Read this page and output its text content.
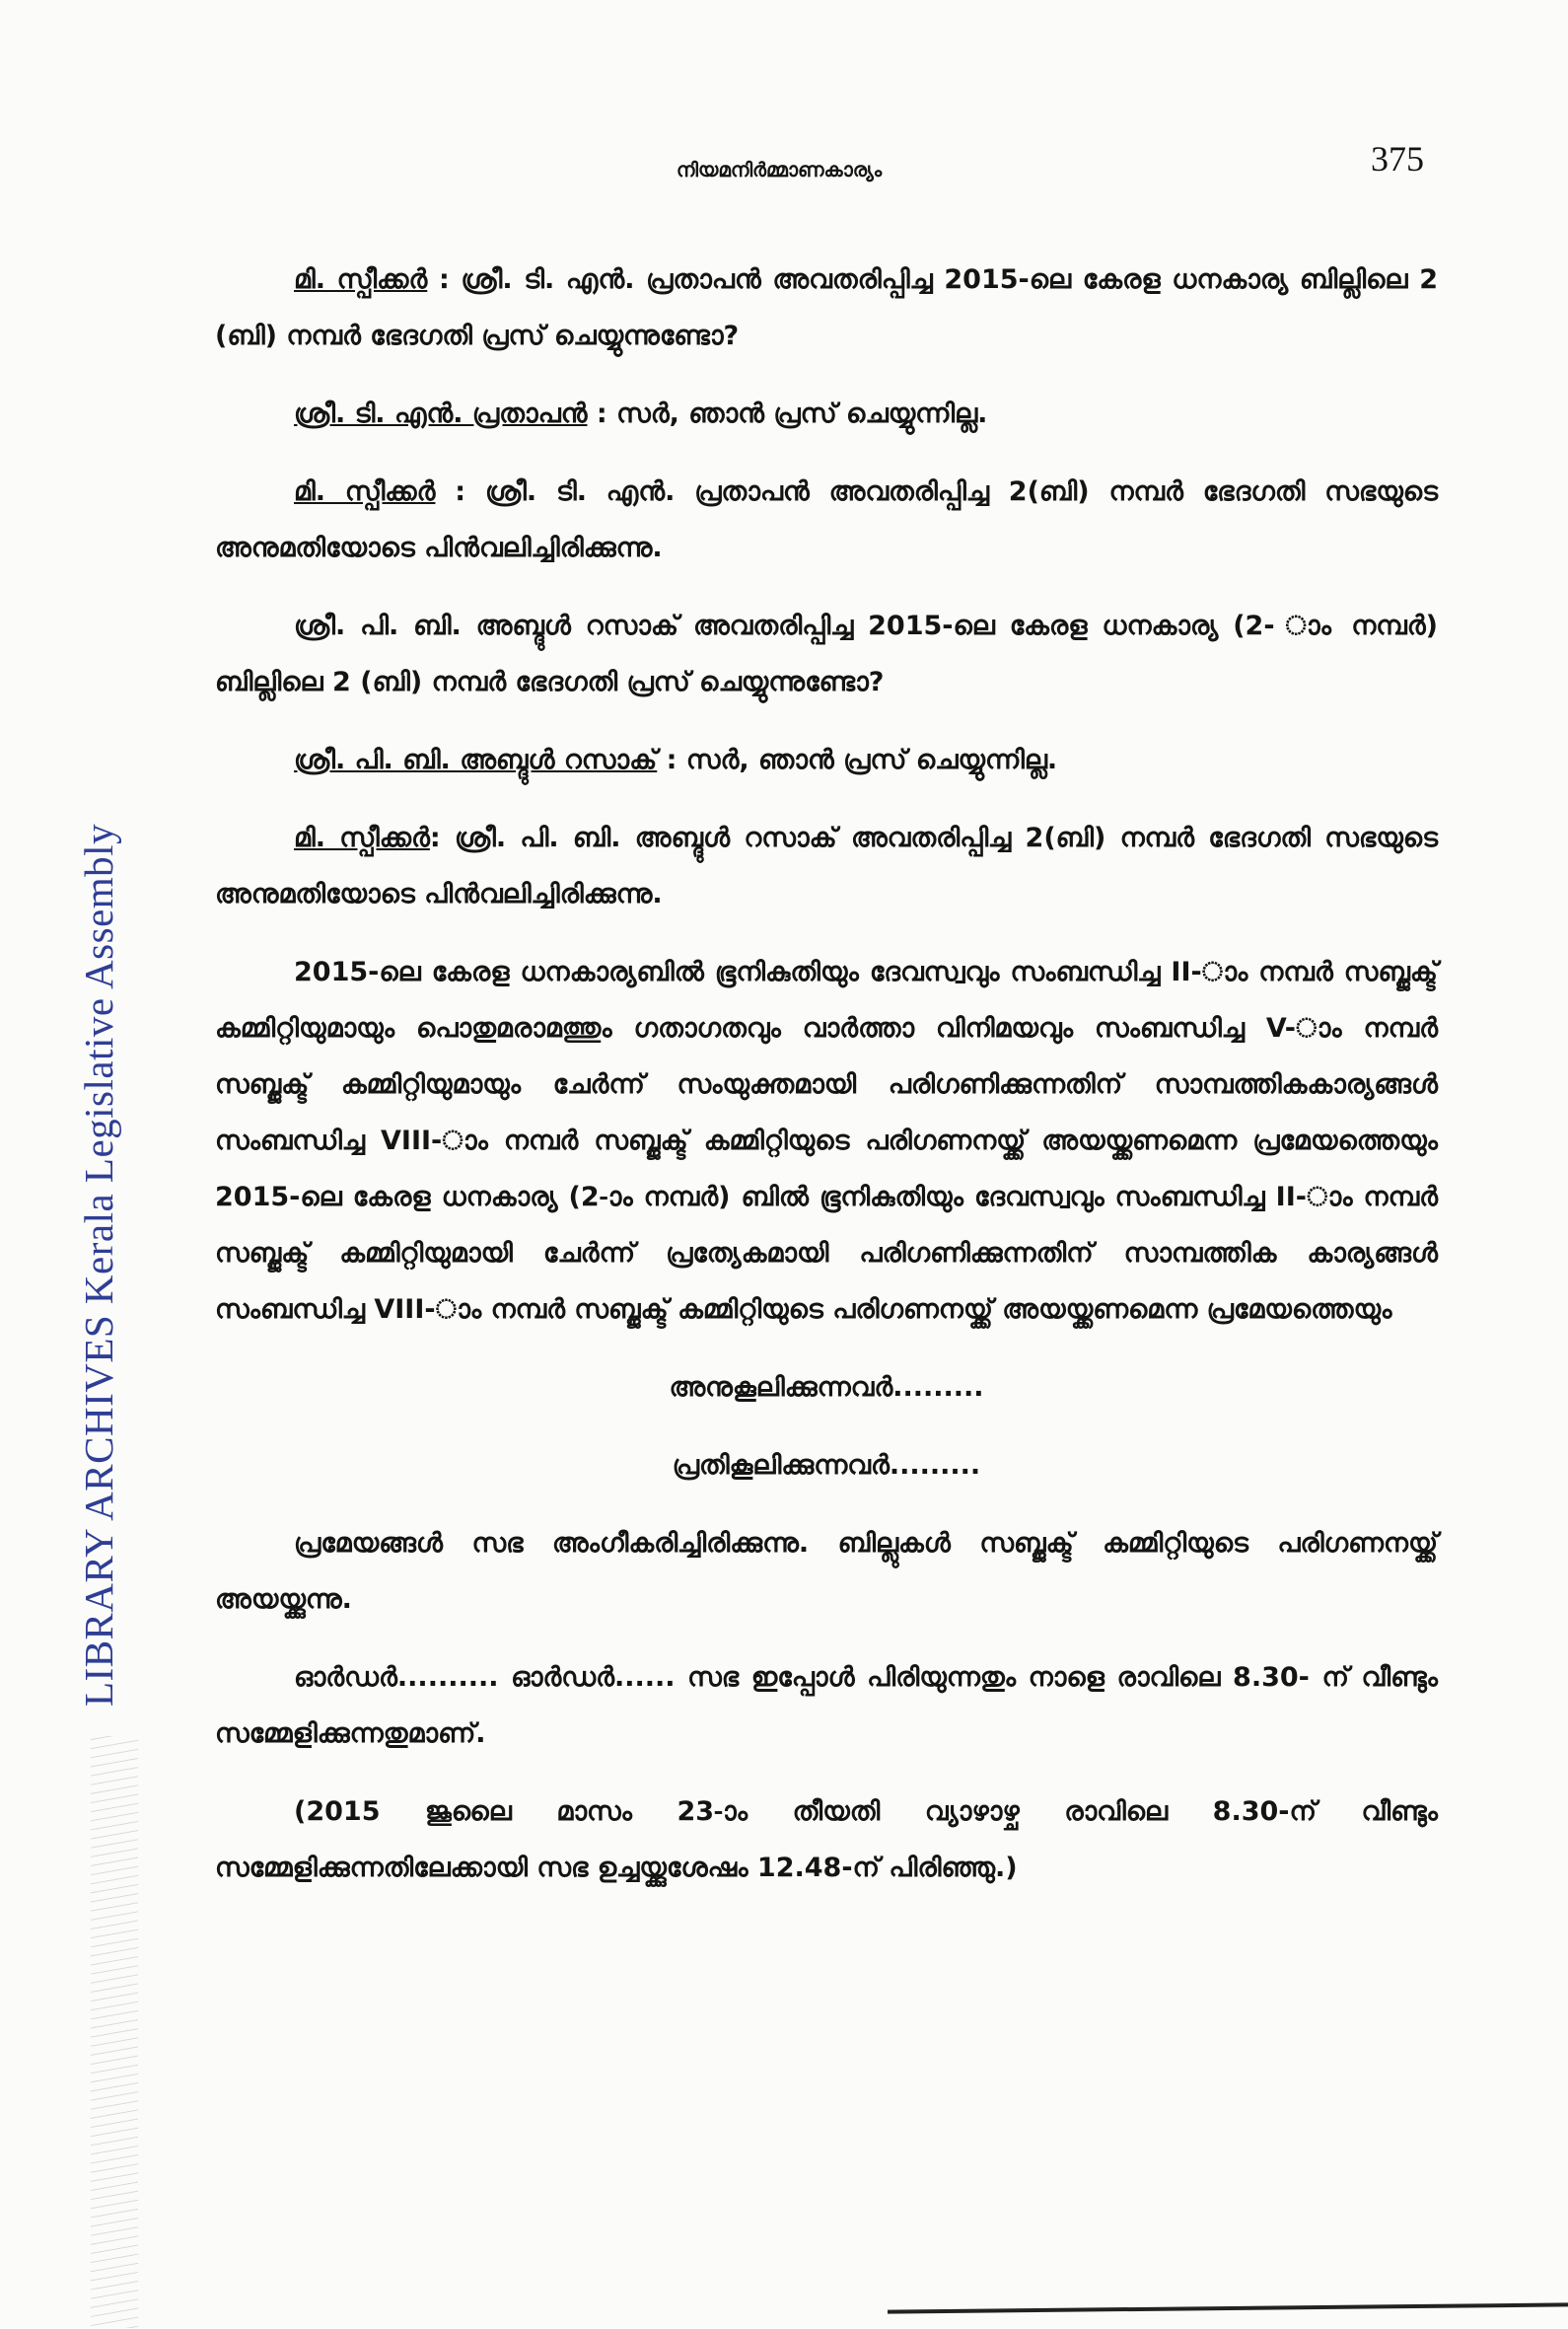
നിയമനിർമ്മാണകാര്യം	375
LIBRARY ARCHIVES Kerala Legislative Assembly

മി. സ്പീക്കർ : ശ്രീ. ടി. എൻ. പ്രതാപൻ അവതരിപ്പിച്ച 2015-ലെ കേരള ധനകാര്യ ബില്ലിലെ 2 (ബി) നമ്പർ ഭേദഗതി പ്രസ് ചെയ്യുന്നുണ്ടോ?

ശ്രീ. ടി. എൻ. പ്രതാപൻ : സർ, ഞാൻ പ്രസ് ചെയ്യുന്നില്ല.

മി. സ്പീക്കർ : ശ്രീ. ടി. എൻ. പ്രതാപൻ അവതരിപ്പിച്ച 2(ബി) നമ്പർ ഭേദഗതി സഭയുടെ അനുമതിയോടെ പിൻവലിച്ചിരിക്കുന്നു.

ശ്രീ. പി. ബി. അബ്ദുൾ റസാക് അവതരിപ്പിച്ച 2015-ലെ കേരള ധനകാര്യ (2- ാം നമ്പർ) ബില്ലിലെ 2 (ബി) നമ്പർ ഭേദഗതി പ്രസ് ചെയ്യുന്നുണ്ടോ?

ശ്രീ. പി. ബി. അബ്ദുൾ റസാക് : സർ, ഞാൻ പ്രസ് ചെയ്യുന്നില്ല.

മി. സ്പീക്കർ: ശ്രീ. പി. ബി. അബ്ദുൾ റസാക് അവതരിപ്പിച്ച 2(ബി) നമ്പർ ഭേദഗതി സഭയുടെ അനുമതിയോടെ പിൻവലിച്ചിരിക്കുന്നു.

2015-ലെ കേരള ധനകാര്യബിൽ ഭൂനികുതിയും ദേവസ്വവും സംബന്ധിച്ച II-ാം നമ്പർ സബ്ജക്ട് കമ്മിറ്റിയുമായും പൊതുമരാമത്തും ഗതാഗതവും വാർത്താ വിനിമയവും സംബന്ധിച്ച V-ാം നമ്പർ സബ്ജക്ട് കമ്മിറ്റിയുമായും ചേർന്ന് സംയുക്തമായി പരിഗണിക്കുന്നതിന് സാമ്പത്തികകാര്യങ്ങൾ സംബന്ധിച്ച VIII-ാം നമ്പർ സബ്ജക്ട് കമ്മിറ്റിയുടെ പരിഗണനയ്ക്ക് അയയ്ക്കണമെന്ന പ്രമേയത്തെയും 2015-ലെ കേരള ധനകാര്യ (2-ാം നമ്പർ) ബിൽ ഭൂനികുതിയും ദേവസ്വവും സംബന്ധിച്ച II-ാം നമ്പർ സബ്ജക്ട് കമ്മിറ്റിയുമായി ചേർന്ന് പ്രത്യേകമായി പരിഗണിക്കുന്നതിന് സാമ്പത്തിക കാര്യങ്ങൾ സംബന്ധിച്ച VIII-ാം നമ്പർ സബ്ജക്ട് കമ്മിറ്റിയുടെ പരിഗണനയ്ക്ക് അയയ്ക്കണമെന്ന പ്രമേയത്തെയും

അനുകൂലിക്കുന്നവർ.........

പ്രതികൂലിക്കുന്നവർ.........

പ്രമേയങ്ങൾ സഭ അംഗീകരിച്ചിരിക്കുന്നു. ബില്ലുകൾ സബ്ജക്ട് കമ്മിറ്റിയുടെ പരിഗണനയ്ക്ക് അയയ്ക്കുന്നു.

ഓർഡർ.......... ഓർഡർ...... സഭ ഇപ്പോൾ പിരിയുന്നതും നാളെ രാവിലെ 8.30- ന് വീണ്ടും സമ്മേളിക്കുന്നതുമാണ്.

(2015 ജൂലൈ മാസം 23-ാം തീയതി വ്യാഴാഴ്ച രാവിലെ 8.30-ന് വീണ്ടും സമ്മേളിക്കുന്നതിലേക്കായി സഭ ഉച്ചയ്ക്കുശേഷം 12.48-ന് പിരിഞ്ഞു.)
